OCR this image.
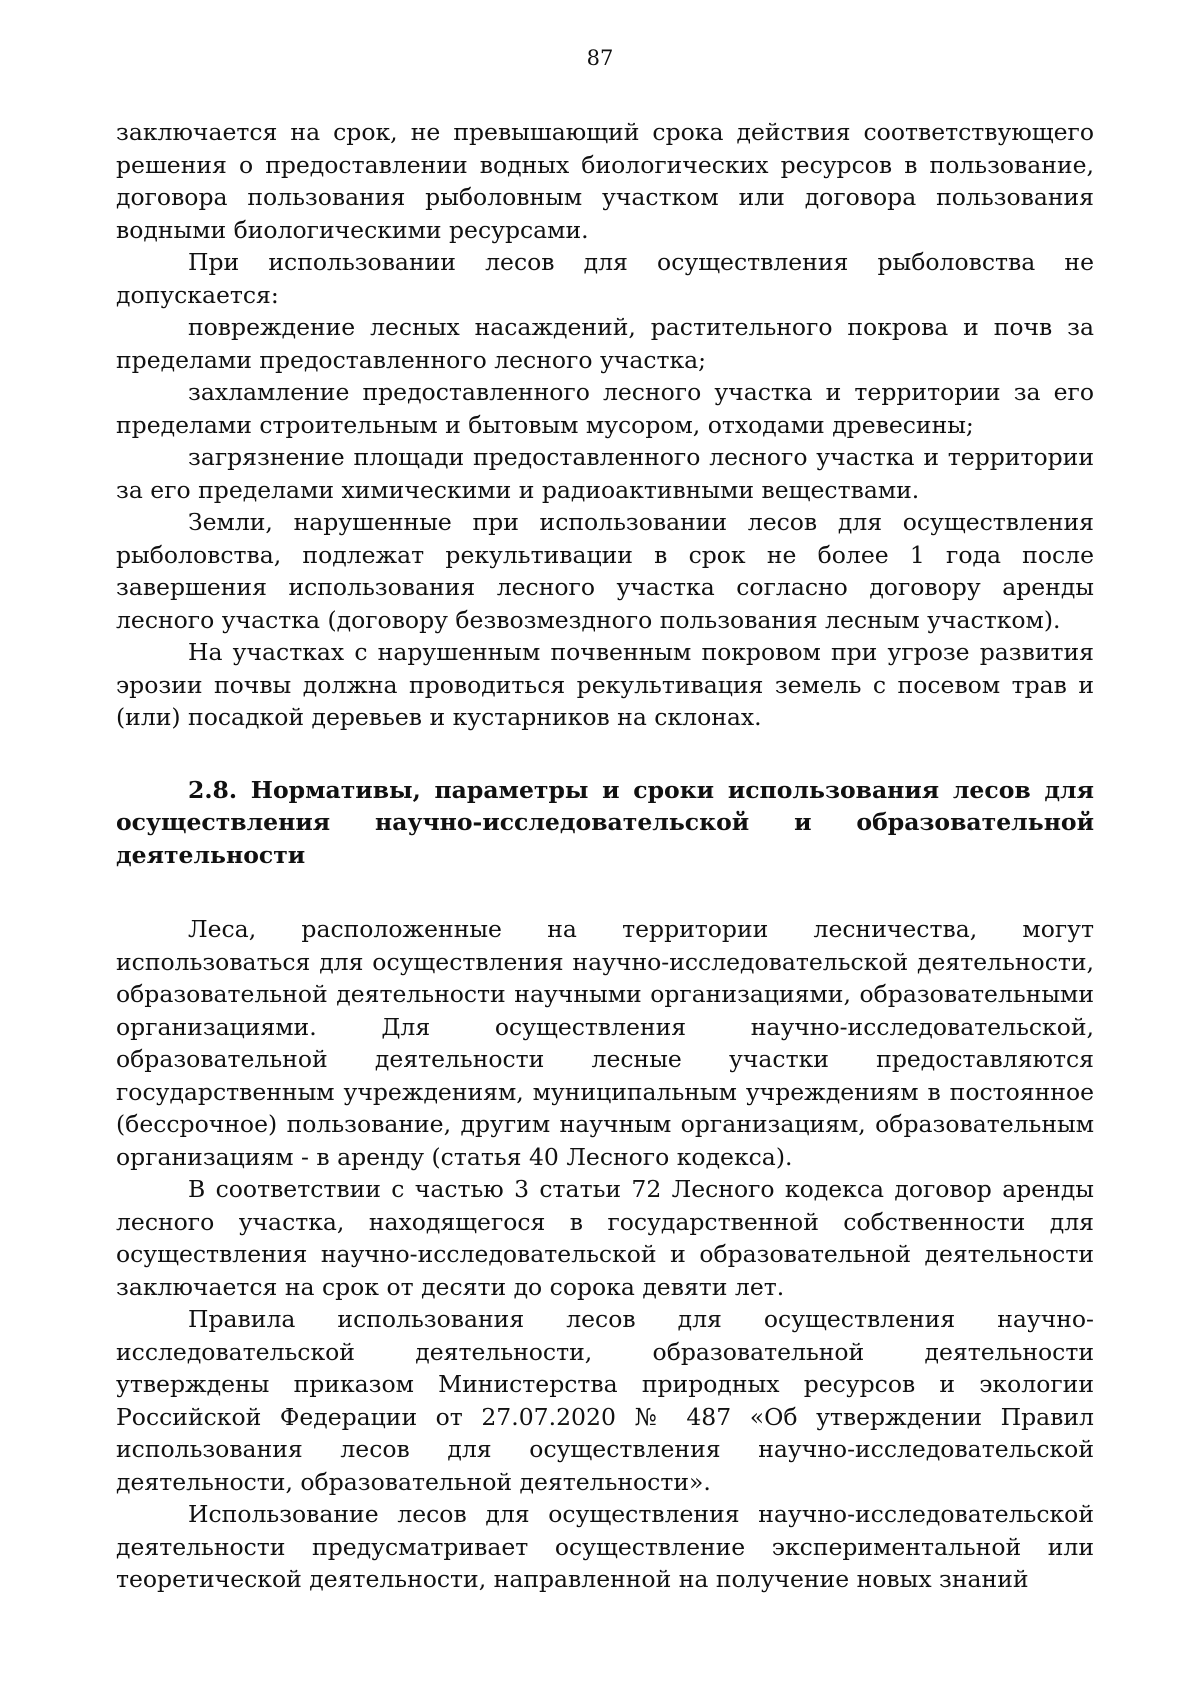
87

заключается на срок, не превышающий срока действия соответствующего решения о предоставлении водных биологических ресурсов в пользование, договора пользования рыболовным участком или договора пользования водными биологическими ресурсами.

При использовании лесов для осуществления рыболовства не допускается:

повреждение лесных насаждений, растительного покрова и почв за пределами предоставленного лесного участка;

захламление предоставленного лесного участка и территории за его пределами строительным и бытовым мусором, отходами древесины;

загрязнение площади предоставленного лесного участка и территории за его пределами химическими и радиоактивными веществами.

Земли, нарушенные при использовании лесов для осуществления рыболовства, подлежат рекультивации в срок не более 1 года после завершения использования лесного участка согласно договору аренды лесного участка (договору безвозмездного пользования лесным участком).

На участках с нарушенным почвенным покровом при угрозе развития эрозии почвы должна проводиться рекультивация земель с посевом трав и (или) посадкой деревьев и кустарников на склонах.

2.8. Нормативы, параметры и сроки использования лесов для осуществления научно-исследовательской и образовательной деятельности

Леса, расположенные на территории лесничества, могут использоваться для осуществления научно-исследовательской деятельности, образовательной деятельности научными организациями, образовательными организациями. Для осуществления научно-исследовательской, образовательной деятельности лесные участки предоставляются государственным учреждениям, муниципальным учреждениям в постоянное (бессрочное) пользование, другим научным организациям, образовательным организациям - в аренду (статья 40 Лесного кодекса).

В соответствии с частью 3 статьи 72 Лесного кодекса договор аренды лесного участка, находящегося в государственной собственности для осуществления научно-исследовательской и образовательной деятельности заключается на срок от десяти до сорока девяти лет.

Правила использования лесов для осуществления научно-исследовательской деятельности, образовательной деятельности утверждены приказом Министерства природных ресурсов и экологии Российской Федерации от 27.07.2020 № 487 «Об утверждении Правил использования лесов для осуществления научно-исследовательской деятельности, образовательной деятельности».

Использование лесов для осуществления научно-исследовательской деятельности предусматривает осуществление экспериментальной или теоретической деятельности, направленной на получение новых знаний
